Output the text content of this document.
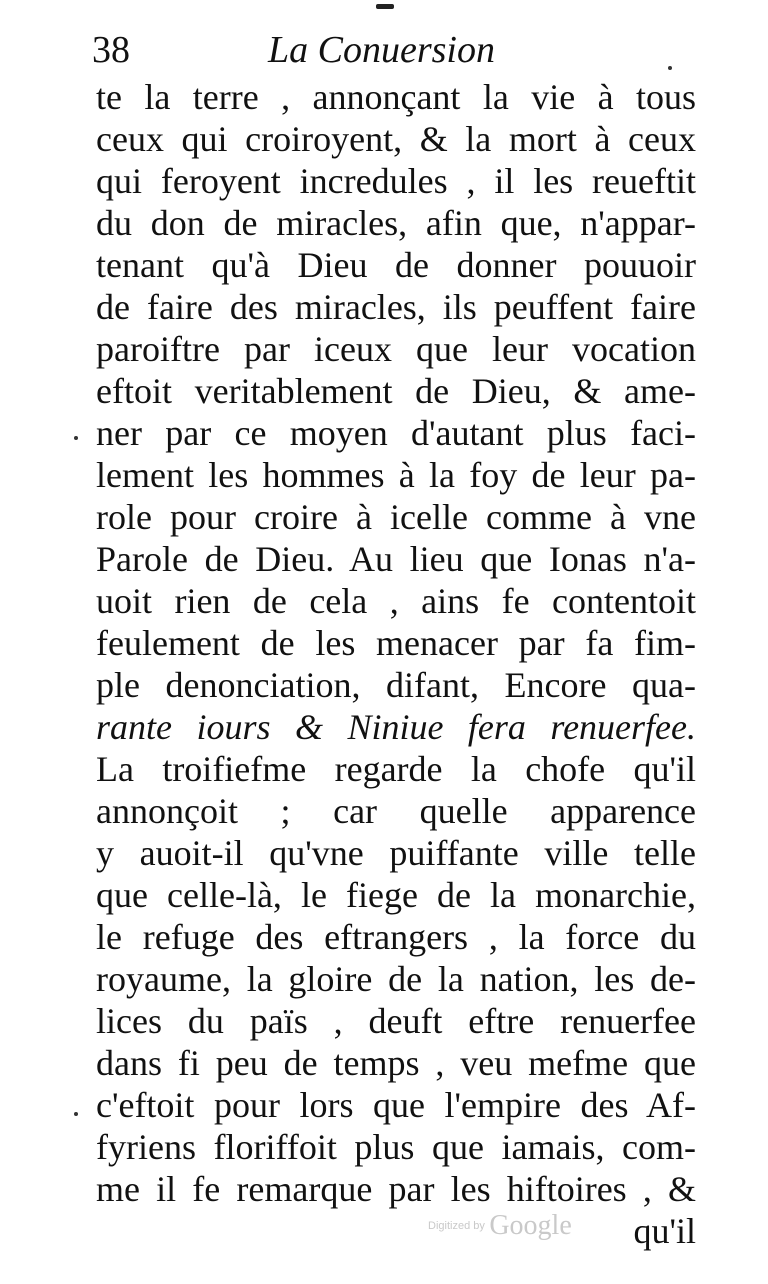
38	La Conuersion
te la terre , annonçant la vie à tous
ceux qui croiroyent, & la mort à ceux
qui feroyent incredules , il les reueftit
du don de miracles, afin que, n'appar-
tenant qu'à Dieu de donner pouuoir
de faire des miracles, ils peuffent faire
paroiftre par iceux que leur vocation
eftoit veritablement de Dieu, & ame-
ner par ce moyen d'autant plus faci-
lement les hommes à la foy de leur pa-
role pour croire à icelle comme à vne
Parole de Dieu. Au lieu que Ionas n'a-
uoit rien de cela , ains fe contentoit
feulement de les menacer par fa fim-
ple denonciation, difant, Encore qua-
rante iours & Niniue fera renuerfee.
La troifiefme regarde la chofe qu'il
annonçoit ; car quelle apparence
y auoit-il qu'vne puiffante ville telle
que celle-là, le fiege de la monarchie,
le refuge des eftrangers , la force du
royaume, la gloire de la nation, les de-
lices du païs , deuft eftre renuerfee
dans fi peu de temps , veu mefme que
c'eftoit pour lors que l'empire des Af-
fyriens floriffoit plus que iamais, com-
me il fe remarque par les hiftoires , &
qu'il
Digitized by Google
